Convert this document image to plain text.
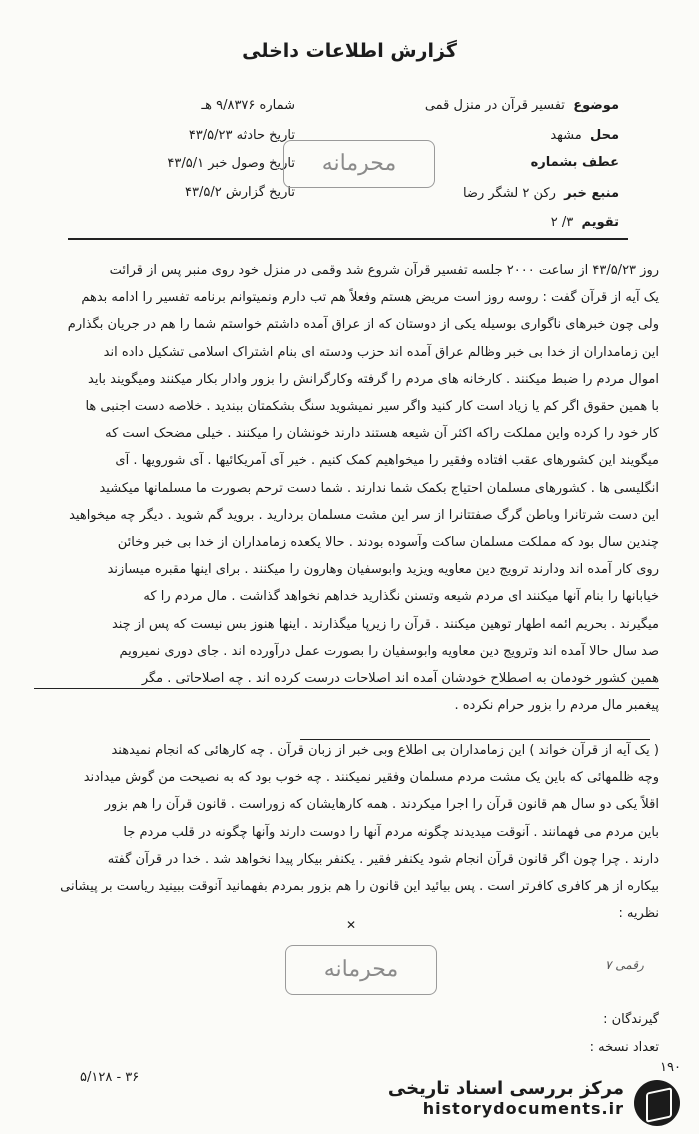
گزارش اطلاعات داخلی
موضوع  تفسیر قرآن در منزل قمی
محل  مشهد
عطف بشماره
منبع خبر  رکن ۲ لشگر رضا
تقویم  ۳/ ۲
شماره ۹/۸۳۷۶ هـ
تاریخ حادثه ۴۳/۵/۲۳
تاریخ وصول خبر ۴۳/۵/۱
تاریخ گزارش ۴۳/۵/۲
محرمانه
روز ۴۳/۵/۲۳ از ساعت ۲۰۰۰ جلسه تفسیر قرآن شروع شد وقمی در منزل خود روی منبر پس از قرائت
یک آیه از قرآن گفت : روسه روز است مریض هستم وفعلاً هم تب دارم ونمیتوانم برنامه تفسیر را ادامه بدهم
ولی چون خبرهای ناگواری بوسیله یکی از دوستان که از عراق آمده داشتم خواستم شما را هم در جریان بگذارم
این زمامداران از خدا بی خبر وظالم عراق آمده اند حزب ودسته ای بنام اشتراک اسلامی تشکیل داده اند
اموال مردم را ضبط میکنند . کارخانه های مردم را گرفته وکارگرانش را بزور وادار بکار میکنند ومیگویند باید
با همین حقوق اگر کم یا زیاد است کار کنید واگر سیر نمیشوید سنگ بشکمتان ببندید . خلاصه دست اجنبی ها
کار خود را کرده واین مملکت راکه اکثر آن شیعه هستند دارند خونشان را میکنند . خیلی مضحک است که
میگویند این کشورهای عقب افتاده وفقیر را میخواهیم کمک کنیم . خیر آی آمریکائیها . آی شورویها . آی
انگلیسی ها . کشورهای مسلمان احتیاج بکمک شما ندارند . شما دست ترحم بصورت ما مسلمانها میکشید
این دست شرتانرا وباطن گرگ صفتتانرا از سر این مشت مسلمان بردارید . بروید گم شوید . دیگر چه میخواهید
چندین سال بود که مملکت مسلمان ساکت وآسوده بودند . حالا یکعده زمامداران از خدا بی خبر وخائن
روی کار آمده اند ودارند ترویج دین معاویه ویزید وابوسفیان وهارون را میکنند . برای اینها مقبره میسازند
خیابانها را بنام آنها میکنند ای مردم شیعه وتسنن نگذارید خداهم نخواهد گذاشت . مال مردم را که
میگیرند . بحریم ائمه اطهار توهین میکنند . قرآن را زیرپا میگذارند . اینها هنوز بس نیست که پس از چند
صد سال حالا آمده اند وترویج دین معاویه وابوسفیان را بصورت عمل درآورده اند . جای دوری نمیرویم
همین کشور خودمان به اصطلاح خودشان آمده اند اصلاحات درست کرده اند . چه اصلاحاتی . مگر
پیغمبر مال مردم را بزور حرام نکرده .
( یک آیه از قرآن خواند ) این زمامداران بی اطلاع وبی خبر از زبان قرآن . چه کارهائی که انجام نمیدهند
وچه ظلمهائی که باین یک مشت مردم مسلمان وفقیر نمیکنند . چه خوب بود که به نصیحت من گوش میدادند
اقلاً یکی دو سال هم قانون قرآن را اجرا میکردند . همه کارهایشان که زوراست . قانون قرآن را هم بزور
باین مردم می فهمانند . آنوقت میدیدند چگونه مردم آنها را دوست دارند وآنها چگونه در قلب مردم جا
دارند . چرا چون اگر قانون قرآن انجام شود یکنفر فقیر . یکنفر بیکار پیدا نخواهد شد . خدا در قرآن گفته
بیکاره از هر کافری کافرتر است . پس بیائید این قانون را هم بزور بمردم بفهمانید آنوقت ببینید ریاست بر پیشانی
نظریه :
✕
محرمانه	رقمی ۷
گیرندگان :
تعداد نسخه :
۱۹۰
۵/۱۲۸ - ۳۶
مرکز بررسی اسناد تاریخی
historydocuments.ir
